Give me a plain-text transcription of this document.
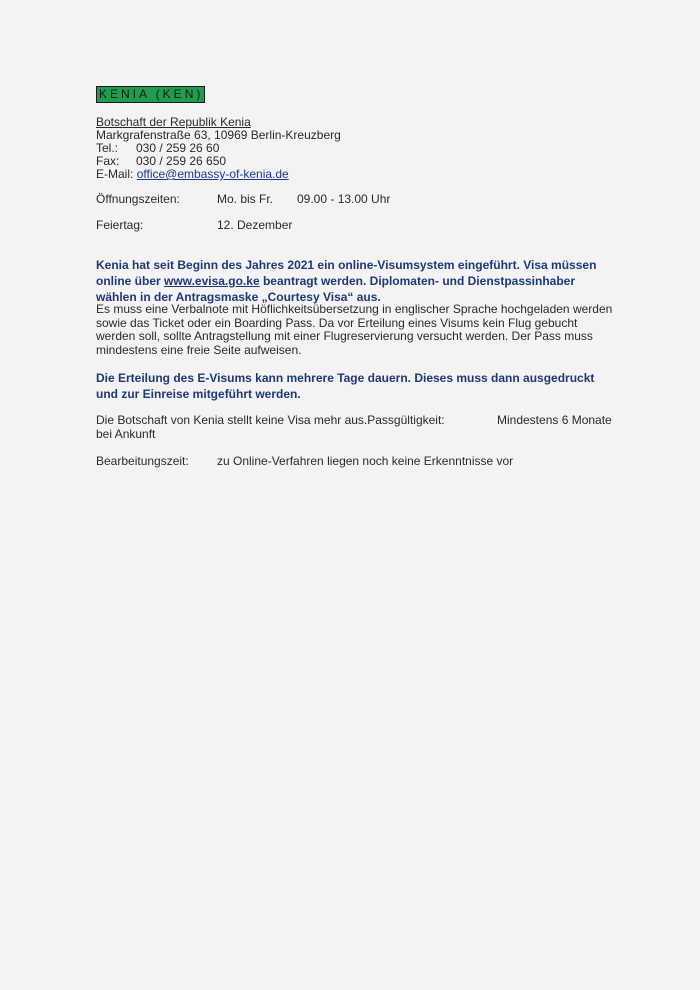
KENIA (KEN)
Botschaft der Republik Kenia
Markgrafenstraße 63, 10969 Berlin-Kreuzberg
Tel.: 030 / 259 26 60
Fax: 030 / 259 26 650
E-Mail: office@embassy-of-kenia.de
Öffnungszeiten:	Mo. bis Fr. 09.00 - 13.00 Uhr
Feiertag:	12. Dezember
Kenia hat seit Beginn des Jahres 2021 ein online-Visumsystem eingeführt. Visa müssen online über www.evisa.go.ke beantragt werden. Diplomaten- und Dienstpassinhaber wählen in der Antragsmaske „Courtesy Visa“ aus.
Es muss eine Verbalnote mit Höflichkeitsübersetzung in englischer Sprache hochgeladen werden sowie das Ticket oder ein Boarding Pass. Da vor Erteilung eines Visums kein Flug gebucht werden soll, sollte Antragstellung mit einer Flugreservierung versucht werden. Der Pass muss mindestens eine freie Seite aufweisen.
Die Erteilung des E-Visums kann mehrere Tage dauern. Dieses muss dann ausgedruckt und zur Einreise mitgeführt werden.
Die Botschaft von Kenia stellt keine Visa mehr aus.Passgültigkeit:	Mindestens 6 Monate
bei Ankunft
Bearbeitungszeit: zu Online-Verfahren liegen noch keine Erkenntnisse vor
